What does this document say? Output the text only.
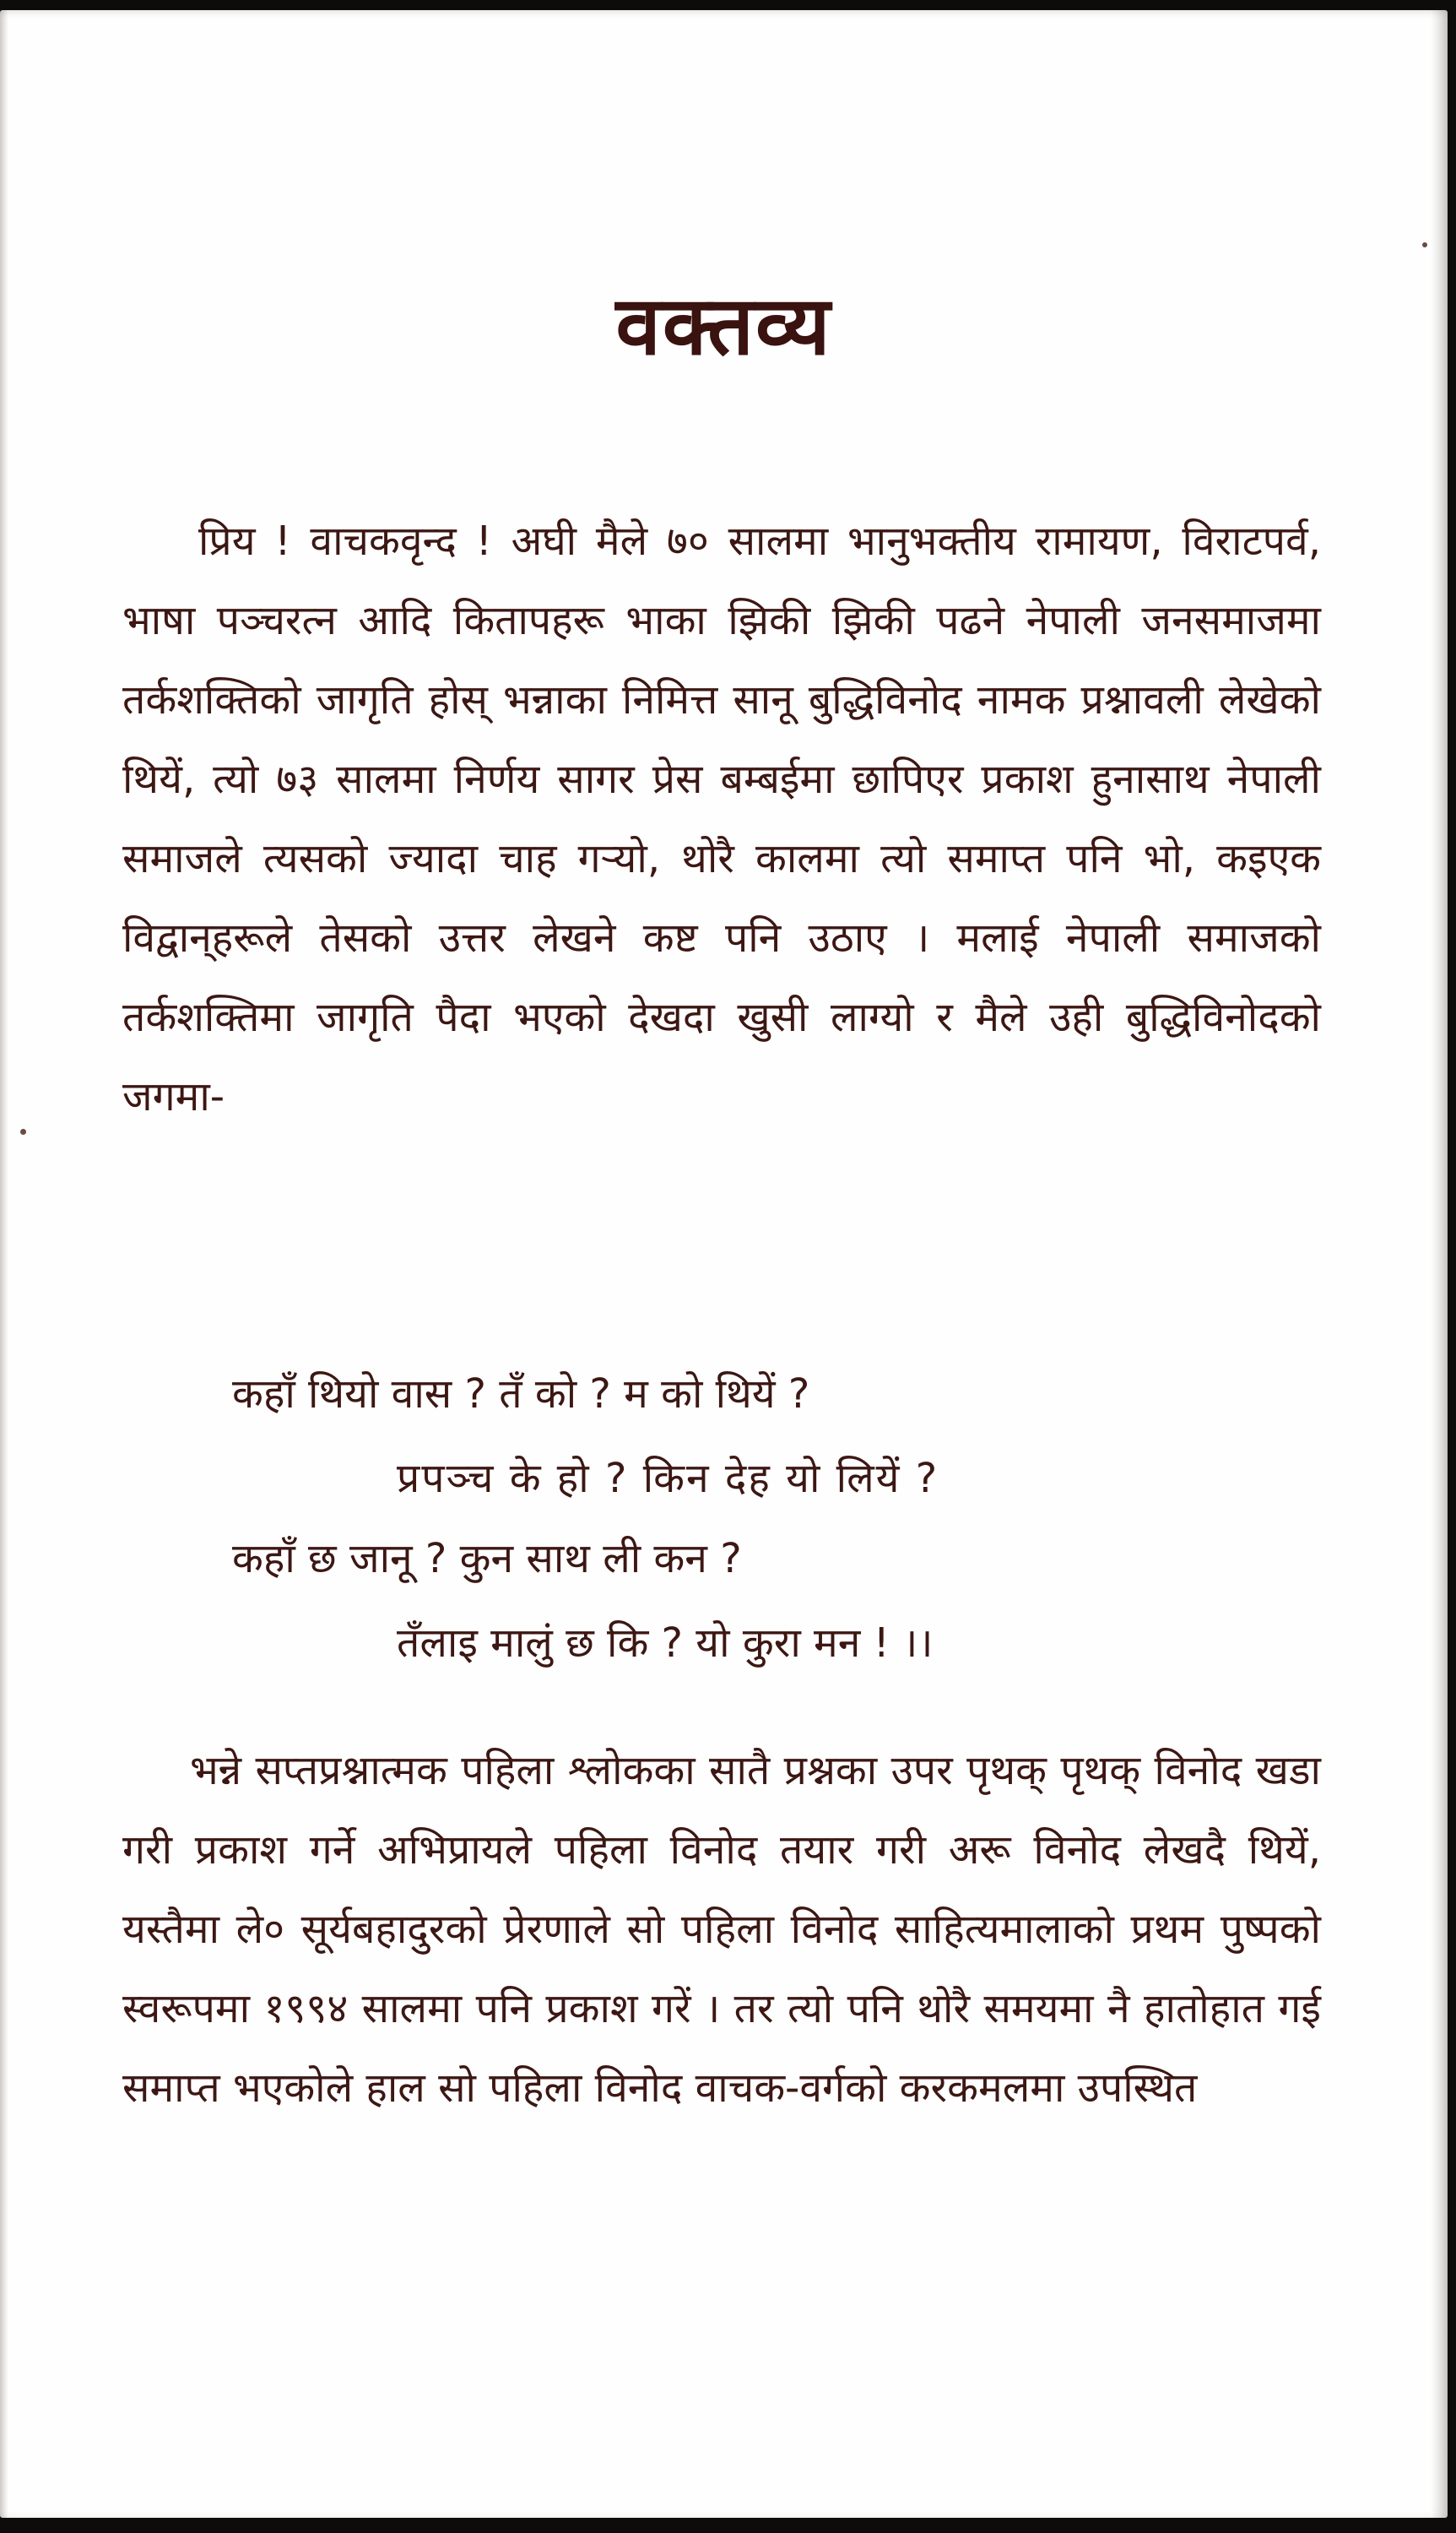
वक्तव्य

प्रिय ! वाचकवृन्द ! अघी मैले ७० सालमा भानुभक्तीय रामायण, विराटपर्व, भाषा पञ्चरत्न आदि कितापहरू भाका झिकी झिकी पढने नेपाली जनसमाजमा तर्कशक्तिको जागृति होस् भन्नाका निमित्त सानू बुद्धिविनोद नामक प्रश्नावली लेखेको थियें, त्यो ७३ सालमा निर्णय सागर प्रेस बम्बईमा छापिएर प्रकाश हुनासाथ नेपाली समाजले त्यसको ज्यादा चाह गर्‍यो, थोरै कालमा त्यो समाप्त पनि भो, कइएक विद्वान्‌हरूले तेसको उत्तर लेखने कष्ट पनि उठाए । मलाई नेपाली समाजको तर्कशक्तिमा जागृति पैदा भएको देखदा खुसी लाग्यो र मैले उही बुद्धिविनोदको जगमा-

कहाँ थियो वास ? तँ को ? म को थियें ?
प्रपञ्च के हो ? किन देह यो लियें ?
कहाँ छ जानू ? कुन साथ ली कन ?
तँलाइ मालुं छ कि ? यो कुरा मन ! ।।

भन्ने सप्तप्रश्नात्मक पहिला श्लोकका सातै प्रश्नका उपर पृथक् पृथक् विनोद खडा गरी प्रकाश गर्ने अभिप्रायले पहिला विनोद तयार गरी अरू विनोद लेखदै थियें, यस्तैमा ले० सूर्यबहादुरको प्रेरणाले सो पहिला विनोद साहित्यमालाको प्रथम पुष्पको स्वरूपमा १९९४ सालमा पनि प्रकाश गरें । तर त्यो पनि थोरै समयमा नै हातोहात गई समाप्त भएकोले हाल सो पहिला विनोद वाचक-वर्गको करकमलमा उपस्थित
